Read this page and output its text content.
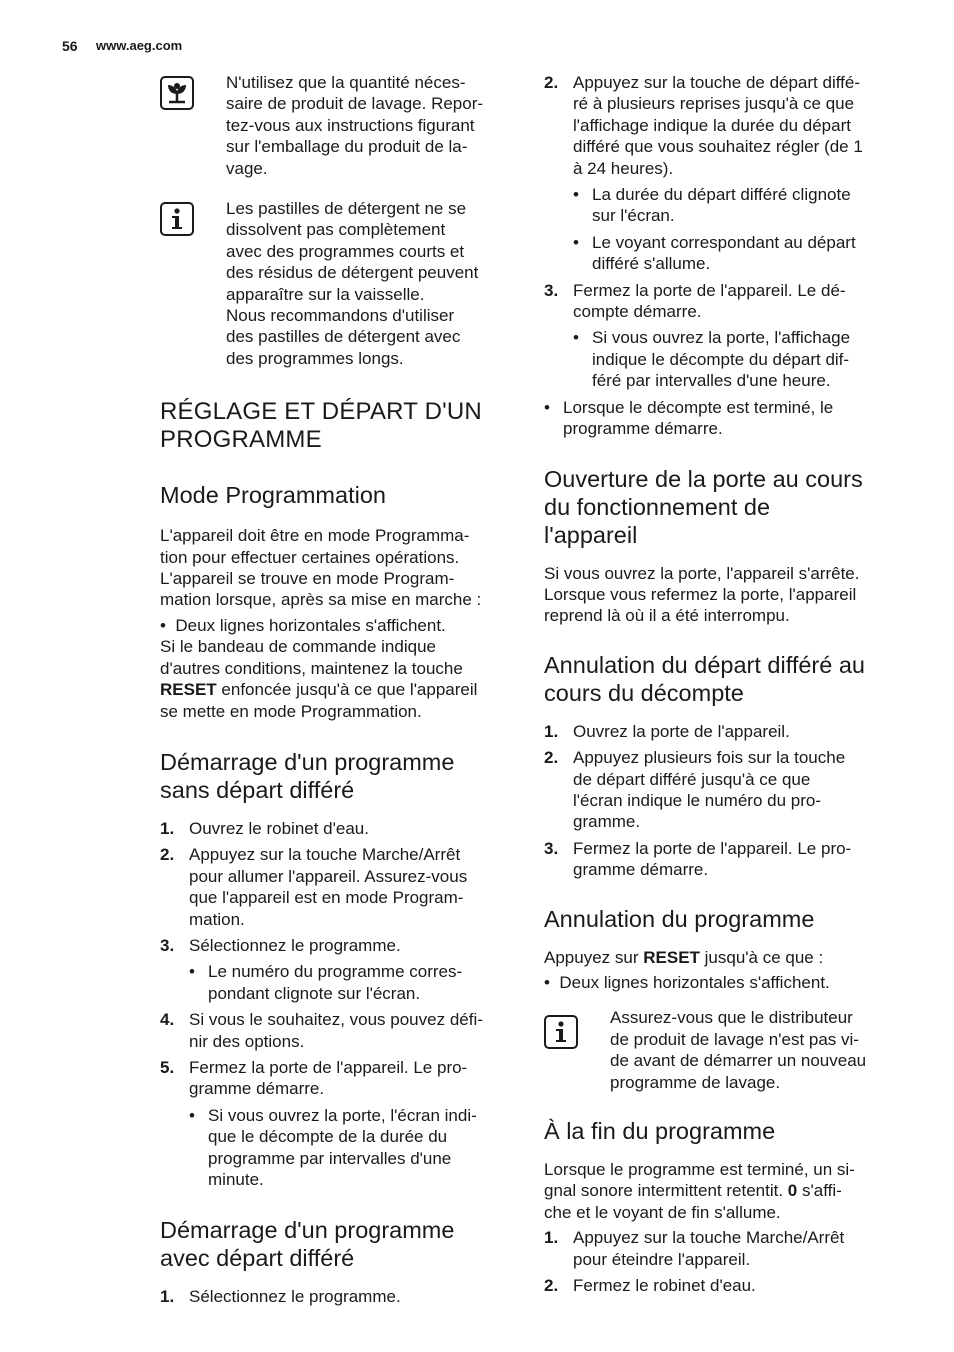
56 www.aeg.com

N'utilisez que la quantité néces-
saire de produit de lavage. Repor-
tez-vous aux instructions figurant
sur l'emballage du produit de la-
vage.

Les pastilles de détergent ne se
dissolvent pas complètement
avec des programmes courts et
des résidus de détergent peuvent
apparaître sur la vaisselle.
Nous recommandons d'utiliser
des pastilles de détergent avec
des programmes longs.

RÉGLAGE ET DÉPART D'UN
PROGRAMME
Mode Programmation

L'appareil doit être en mode Programma-
tion pour effectuer certaines opérations.
L'appareil se trouve en mode Program-
mation lorsque, après sa mise en marche :

•  Deux lignes horizontales s'affichent.

Si le bandeau de commande indique
d'autres conditions, maintenez la touche
RESET enfoncée jusqu'à ce que l'appareil
se mette en mode Programmation.

Démarrage d'un programme
sans départ différé
1. Ouvrez le robinet d'eau.
2. Appuyez sur la touche Marche/Arrêt
pour allumer l'appareil. Assurez-vous
que l'appareil est en mode Program-
mation.
3. Sélectionnez le programme.
• Le numéro du programme corres-
pondant clignote sur l'écran.
4. Si vous le souhaitez, vous pouvez défi-
nir des options.
5. Fermez la porte de l'appareil. Le pro-
gramme démarre.
• Si vous ouvrez la porte, l'écran indi-
que le décompte de la durée du
programme par intervalles d'une
minute.
Démarrage d'un programme
avec départ différé
1. Sélectionnez le programme.
2. Appuyez sur la touche de départ diffé-
ré à plusieurs reprises jusqu'à ce que
l'affichage indique la durée du départ
différé que vous souhaitez régler (de 1
à 24 heures).
• La durée du départ différé clignote
sur l'écran.
• Le voyant correspondant au départ
différé s'allume.
3. Fermez la porte de l'appareil. Le dé-
compte démarre.
• Si vous ouvrez la porte, l'affichage
indique le décompte du départ dif-
féré par intervalles d'une heure.
• Lorsque le décompte est terminé, le
programme démarre.
Ouverture de la porte au cours
du fonctionnement de
l'appareil

Si vous ouvrez la porte, l'appareil s'arrête.
Lorsque vous refermez la porte, l'appareil
reprend là où il a été interrompu.

Annulation du départ différé au
cours du décompte
1. Ouvrez la porte de l'appareil.
2. Appuyez plusieurs fois sur la touche
de départ différé jusqu'à ce que
l'écran indique le numéro du pro-
gramme.
3. Fermez la porte de l'appareil. Le pro-
gramme démarre.
Annulation du programme

Appuyez sur RESET jusqu'à ce que :

•  Deux lignes horizontales s'affichent.

Assurez-vous que le distributeur
de produit de lavage n'est pas vi-
de avant de démarrer un nouveau
programme de lavage.

À la fin du programme

Lorsque le programme est terminé, un si-
gnal sonore intermittent retentit. 0 s'affi-
che et le voyant de fin s'allume.

1. Appuyez sur la touche Marche/Arrêt
pour éteindre l'appareil.
2. Fermez le robinet d'eau.
